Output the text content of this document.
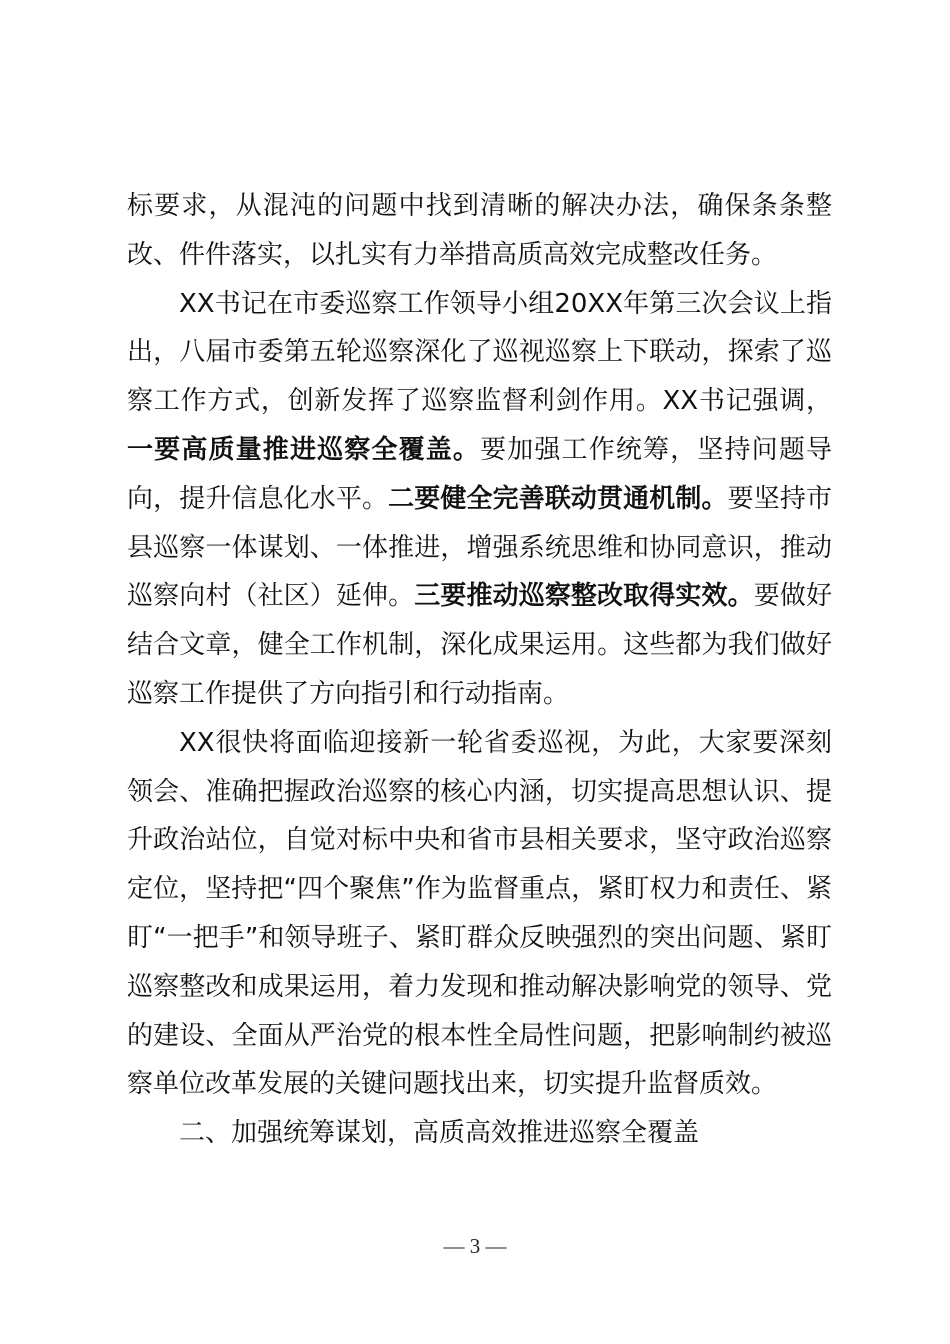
标要求，从混沌的问题中找到清晰的解决办法，确保条条整改、件件落实，以扎实有力举措高质高效完成整改任务。

XX书记在市委巡察工作领导小组20XX年第三次会议上指出，八届市委第五轮巡察深化了巡视巡察上下联动，探索了巡察工作方式，创新发挥了巡察监督利剑作用。XX书记强调，一要高质量推进巡察全覆盖。要加强工作统筹，坚持问题导向，提升信息化水平。二要健全完善联动贯通机制。要坚持市县巡察一体谋划、一体推进，增强系统思维和协同意识，推动巡察向村（社区）延伸。三要推动巡察整改取得实效。要做好结合文章，健全工作机制，深化成果运用。这些都为我们做好巡察工作提供了方向指引和行动指南。

XX很快将面临迎接新一轮省委巡视，为此，大家要深刻领会、准确把握政治巡察的核心内涵，切实提高思想认识、提升政治站位，自觉对标中央和省市县相关要求，坚守政治巡察定位，坚持把“四个聚焦”作为监督重点，紧盯权力和责任、紧盯“一把手”和领导班子、紧盯群众反映强烈的突出问题、紧盯巡察整改和成果运用，着力发现和推动解决影响党的领导、党的建设、全面从严治党的根本性全局性问题，把影响制约被巡察单位改革发展的关键问题找出来，切实提升监督质效。

二、加强统筹谋划，高质高效推进巡察全覆盖

— 3 —
